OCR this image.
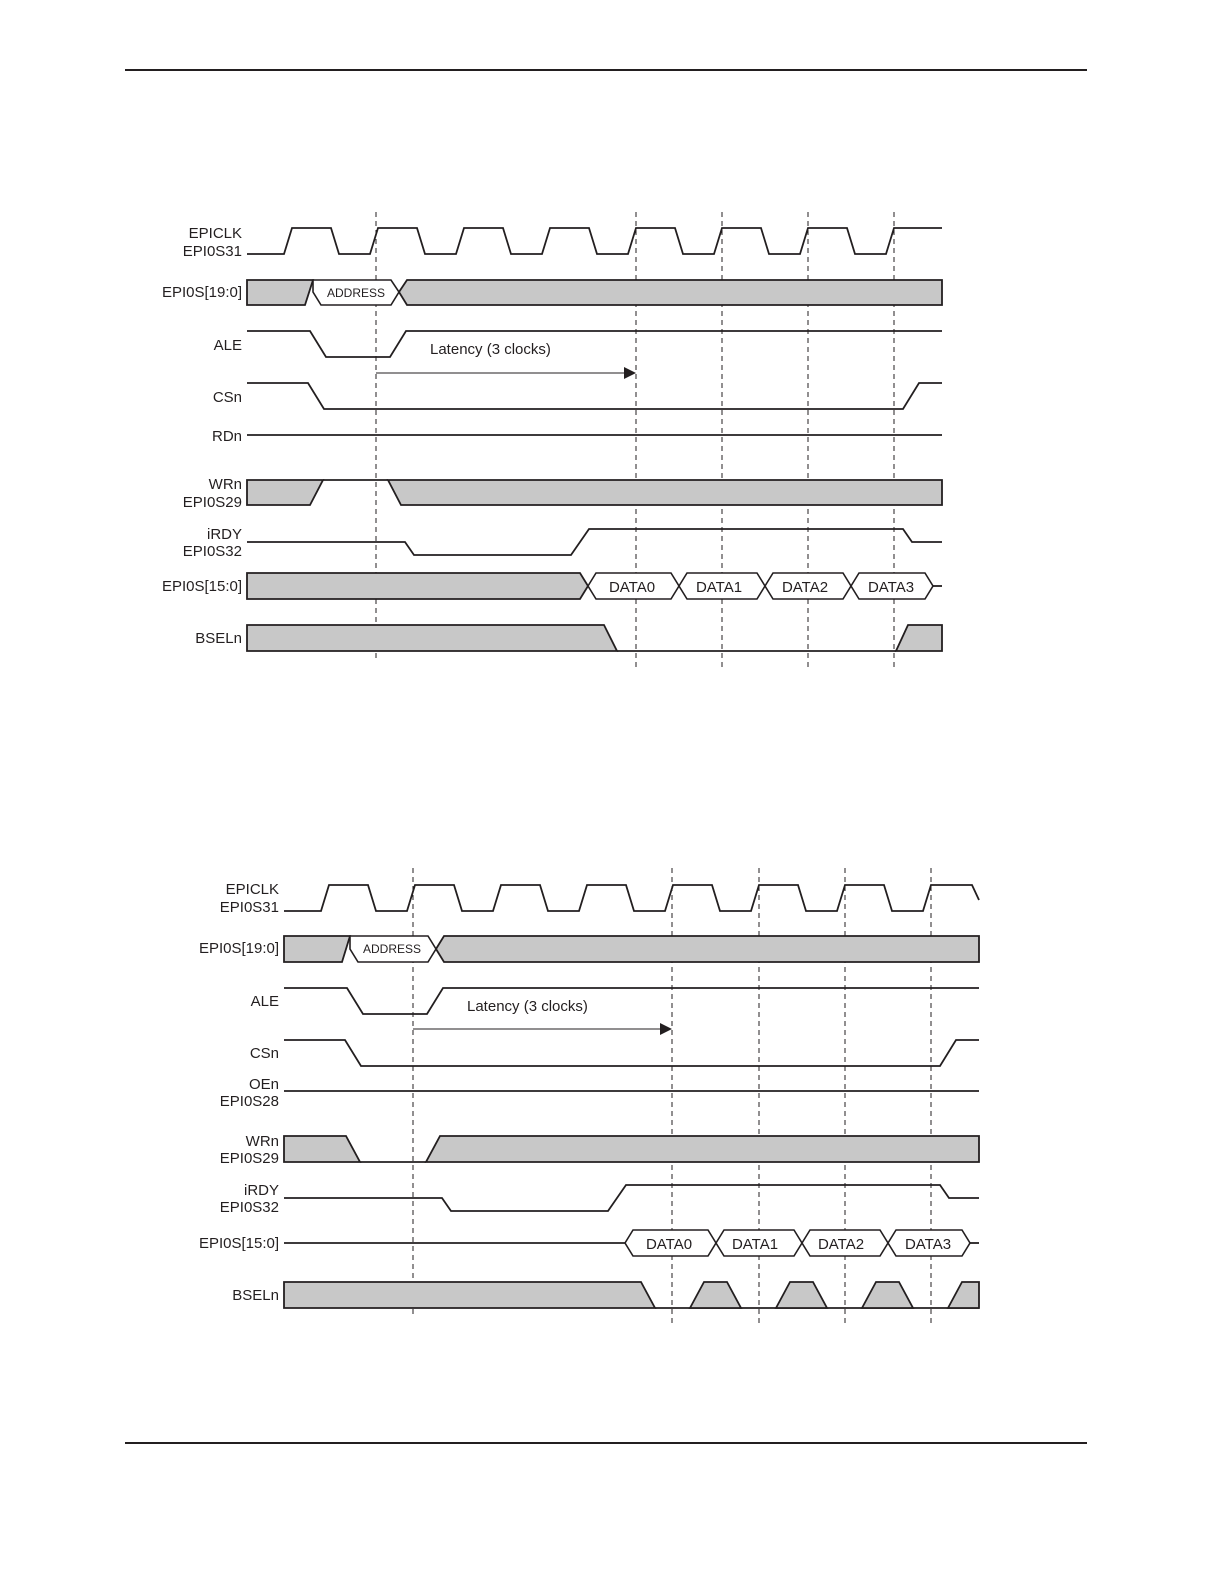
EPICLK
EPI0S31
EPI0S[19:0]	ADDRESS
ALE	Latency (3 clocks)
CSn
RDn
WRn
EPI0S29
iRDY
EPI0S32
EPI0S[15:0]	DATA0	DATA1	DATA2	DATA3
BSELn
EPICLK
EPI0S31
EPI0S[19:0]	ADDRESS
ALE	Latency (3 clocks)
CSn
OEn
EPI0S28
WRn
EPI0S29
iRDY
EPI0S32
EPI0S[15:0]	DATA0	DATA1	DATA2	DATA3
BSELn
